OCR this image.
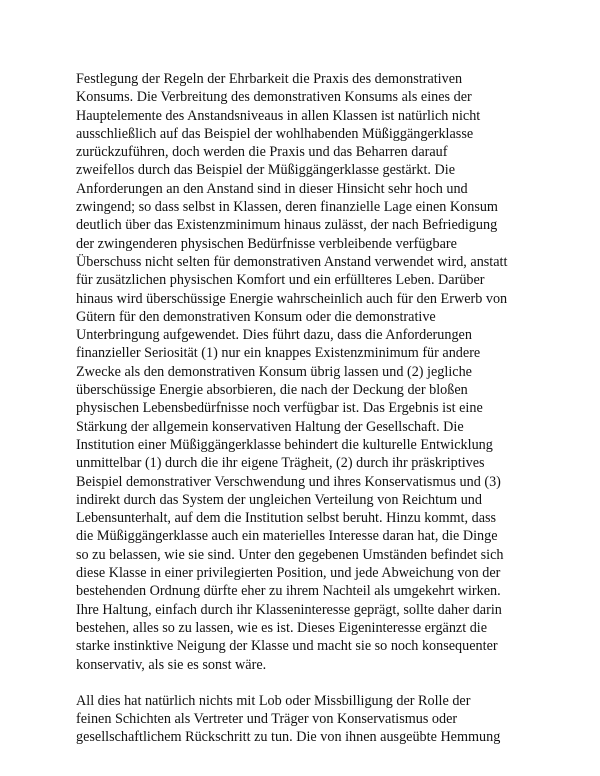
Festlegung der Regeln der Ehrbarkeit die Praxis des demonstrativen
Konsums. Die Verbreitung des demonstrativen Konsums als eines der
Hauptelemente des Anstandsniveaus in allen Klassen ist natürlich nicht
ausschließlich auf das Beispiel der wohlhabenden Müßiggängerklasse
zurückzuführen, doch werden die Praxis und das Beharren darauf
zweifellos durch das Beispiel der Müßiggängerklasse gestärkt. Die
Anforderungen an den Anstand sind in dieser Hinsicht sehr hoch und
zwingend; so dass selbst in Klassen, deren finanzielle Lage einen Konsum
deutlich über das Existenzminimum hinaus zulässt, der nach Befriedigung
der zwingenderen physischen Bedürfnisse verbleibende verfügbare
Überschuss nicht selten für demonstrativen Anstand verwendet wird, anstatt
für zusätzlichen physischen Komfort und ein erfüllteres Leben. Darüber
hinaus wird überschüssige Energie wahrscheinlich auch für den Erwerb von
Gütern für den demonstrativen Konsum oder die demonstrative
Unterbringung aufgewendet. Dies führt dazu, dass die Anforderungen
finanzieller Seriosität (1) nur ein knappes Existenzminimum für andere
Zwecke als den demonstrativen Konsum übrig lassen und (2) jegliche
überschüssige Energie absorbieren, die nach der Deckung der bloßen
physischen Lebensbedürfnisse noch verfügbar ist. Das Ergebnis ist eine
Stärkung der allgemein konservativen Haltung der Gesellschaft. Die
Institution einer Müßiggängerklasse behindert die kulturelle Entwicklung
unmittelbar (1) durch die ihr eigene Trägheit, (2) durch ihr präskriptives
Beispiel demonstrativer Verschwendung und ihres Konservatismus und (3)
indirekt durch das System der ungleichen Verteilung von Reichtum und
Lebensunterhalt, auf dem die Institution selbst beruht. Hinzu kommt, dass
die Müßiggängerklasse auch ein materielles Interesse daran hat, die Dinge
so zu belassen, wie sie sind. Unter den gegebenen Umständen befindet sich
diese Klasse in einer privilegierten Position, und jede Abweichung von der
bestehenden Ordnung dürfte eher zu ihrem Nachteil als umgekehrt wirken.
Ihre Haltung, einfach durch ihr Klasseninteresse geprägt, sollte daher darin
bestehen, alles so zu lassen, wie es ist. Dieses Eigeninteresse ergänzt die
starke instinktive Neigung der Klasse und macht sie so noch konsequenter
konservativ, als sie es sonst wäre.

All dies hat natürlich nichts mit Lob oder Missbilligung der Rolle der
feinen Schichten als Vertreter und Träger von Konservatismus oder
gesellschaftlichem Rückschritt zu tun. Die von ihnen ausgeübte Hemmung
